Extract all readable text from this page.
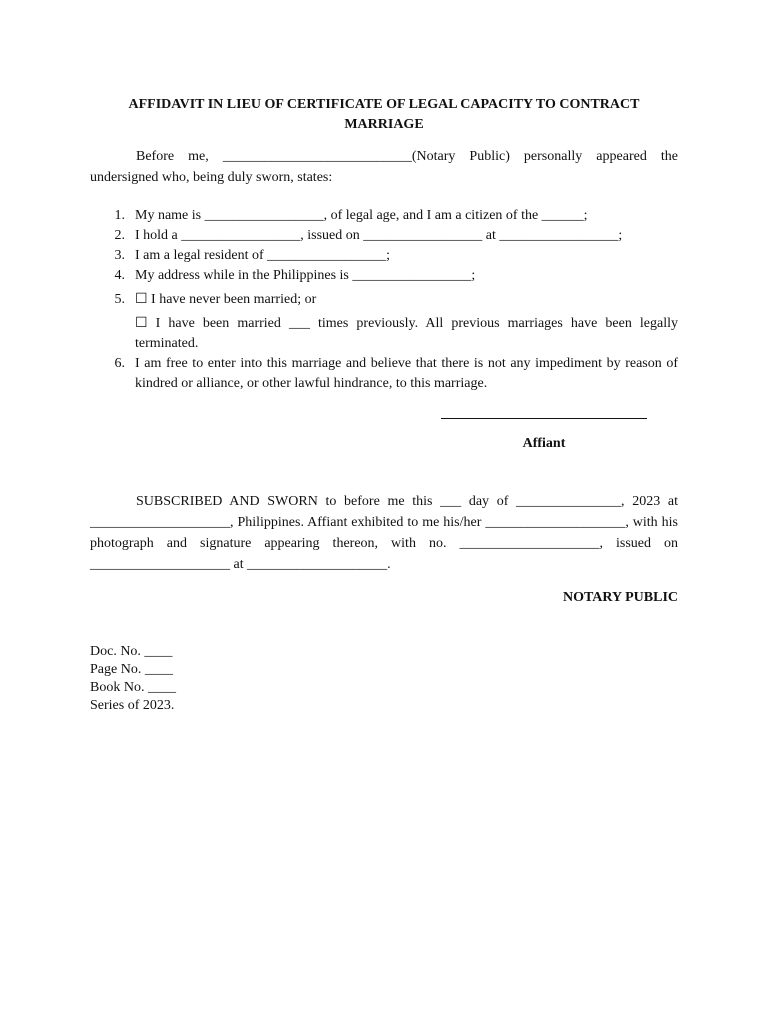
AFFIDAVIT IN LIEU OF CERTIFICATE OF LEGAL CAPACITY TO CONTRACT MARRIAGE
Before me, ___________________________(Notary Public) personally appeared the undersigned who, being duly sworn, states:
1. My name is _________________, of legal age, and I am a citizen of the ______;
2. I hold a _________________, issued on _________________ at _________________;
3. I am a legal resident of _________________;
4. My address while in the Philippines is _________________;
5. ☐ I have never been married; or
☐ I have been married ___ times previously. All previous marriages have been legally terminated.
6. I am free to enter into this marriage and believe that there is not any impediment by reason of kindred or alliance, or other lawful hindrance, to this marriage.
Affiant
SUBSCRIBED AND SWORN to before me this ___ day of _______________, 2023 at ____________________, Philippines. Affiant exhibited to me his/her ____________________, with his photograph and signature appearing thereon, with no. ____________________, issued on ____________________ at ____________________.
NOTARY PUBLIC
Doc. No. ____
Page No. ____
Book No. ____
Series of 2023.
